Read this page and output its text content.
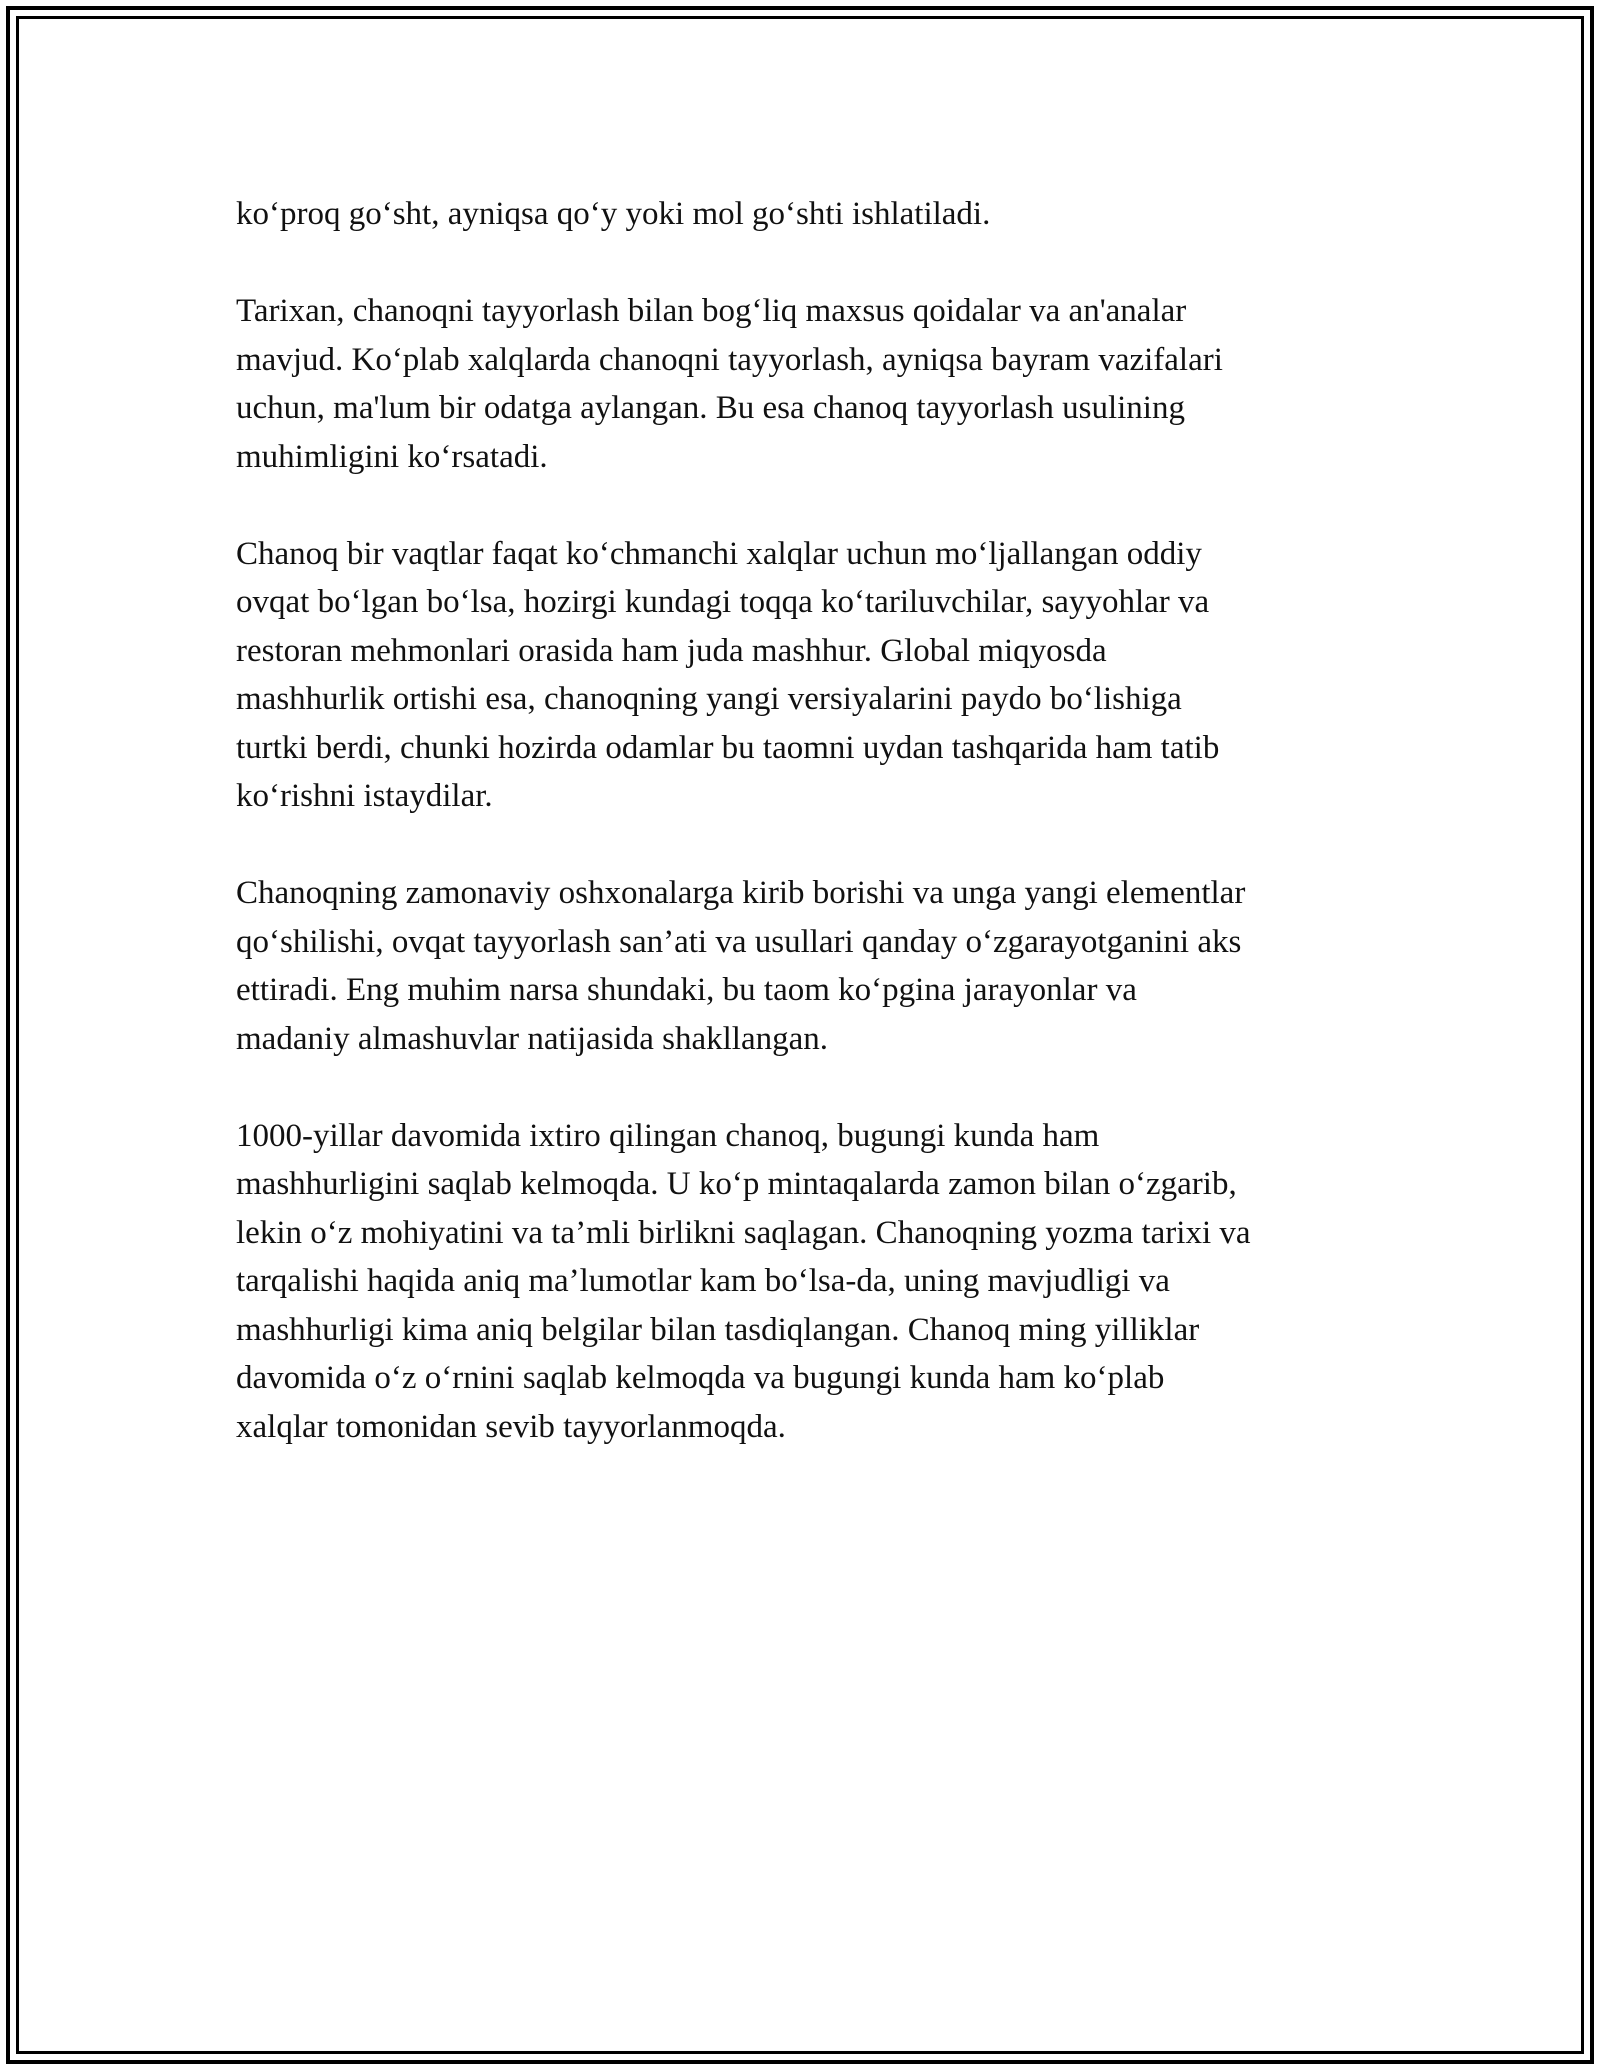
ko‘proq go‘sht, ayniqsa qo‘y yoki mol go‘shti ishlatiladi.

Tarixan, chanoqni tayyorlash bilan bog‘liq maxsus qoidalar va an'analar
mavjud. Ko‘plab xalqlarda chanoqni tayyorlash, ayniqsa bayram vazifalari
uchun, ma'lum bir odatga aylangan. Bu esa chanoq tayyorlash usulining
muhimligini ko‘rsatadi.

Chanoq bir vaqtlar faqat ko‘chmanchi xalqlar uchun mo‘ljallangan oddiy
ovqat bo‘lgan bo‘lsa, hozirgi kundagi toqqa ko‘tariluvchilar, sayyohlar va
restoran mehmonlari orasida ham juda mashhur. Global miqyosda
mashhurlik ortishi esa, chanoqning yangi versiyalarini paydo bo‘lishiga
turtki berdi, chunki hozirda odamlar bu taomni uydan tashqarida ham tatib
ko‘rishni istaydilar.

Chanoqning zamonaviy oshxonalarga kirib borishi va unga yangi elementlar
qo‘shilishi, ovqat tayyorlash san’ati va usullari qanday o‘zgarayotganini aks
ettiradi. Eng muhim narsa shundaki, bu taom ko‘pgina jarayonlar va
madaniy almashuvlar natijasida shakllangan.

1000-yillar davomida ixtiro qilingan chanoq, bugungi kunda ham
mashhurligini saqlab kelmoqda. U ko‘p mintaqalarda zamon bilan o‘zgarib,
lekin o‘z mohiyatini va ta’mli birlikni saqlagan. Chanoqning yozma tarixi va
tarqalishi haqida aniq ma’lumotlar kam bo‘lsa-da, uning mavjudligi va
mashhurligi kima aniq belgilar bilan tasdiqlangan. Chanoq ming yilliklar
davomida o‘z o‘rnini saqlab kelmoqda va bugungi kunda ham ko‘plab
xalqlar tomonidan sevib tayyorlanmoqda.
